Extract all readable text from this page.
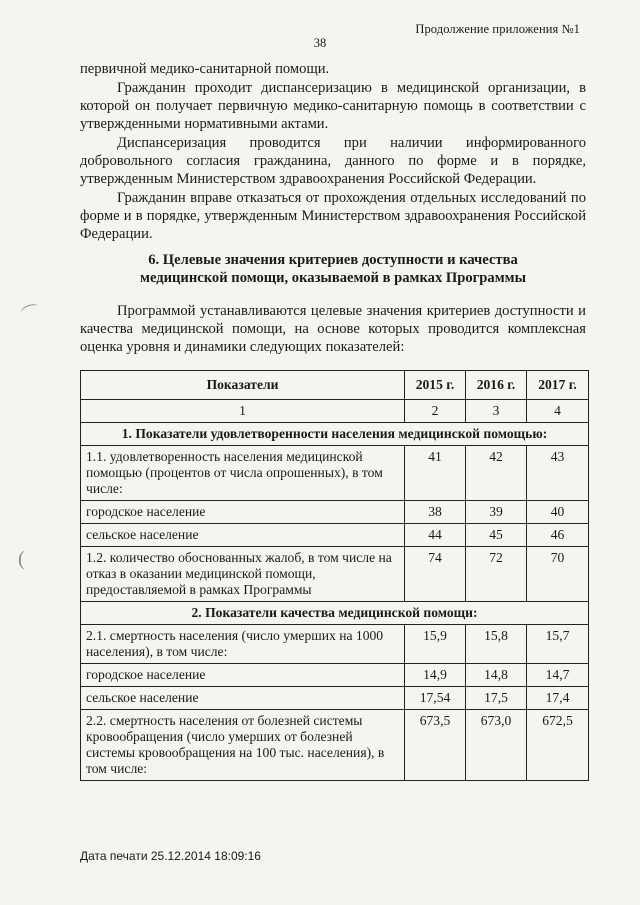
Продолжение приложения №1
38

первичной медико-санитарной помощи.

Гражданин проходит диспансеризацию в медицинской организации, в которой он получает первичную медико-санитарную помощь в соответствии с утвержденными нормативными актами.

Диспансеризация проводится при наличии информированного добровольного согласия гражданина, данного по форме и в порядке, утвержденным Министерством здравоохранения Российской Федерации.

Гражданин вправе отказаться от прохождения отдельных исследований по форме и в порядке, утвержденным Министерством здравоохранения Российской Федерации.

6. Целевые значения критериев доступности и качества
медицинской помощи, оказываемой в рамках Программы

Программой устанавливаются целевые значения критериев доступности и качества медицинской помощи, на основе которых проводится комплексная оценка уровня и динамики следующих показателей:

⌒
(
Показатели	2015 г.	2016 г.	2017 г.
1	2	3	4
1. Показатели удовлетворенности населения медицинской помощью:			
1.1. удовлетворенность населения медицинской помощью (процентов от числа опрошенных), в том числе:	41	42	43
городское население	38	39	40
сельское население	44	45	46
1.2. количество обоснованных жалоб, в том числе на отказ в оказании медицинской помощи, предоставляемой в рамках Программы	74	72	70
2. Показатели качества медицинской помощи:			
2.1. смертность населения (число умерших на 1000 населения), в том числе:	15,9	15,8	15,7
городское население	14,9	14,8	14,7
сельское население	17,54	17,5	17,4
2.2. смертность населения от болезней системы кровообращения (число умерших от болезней системы кровообращения на 100 тыс. населения), в том числе:	673,5	673,0	672,5
Дата печати 25.12.2014 18:09:16
